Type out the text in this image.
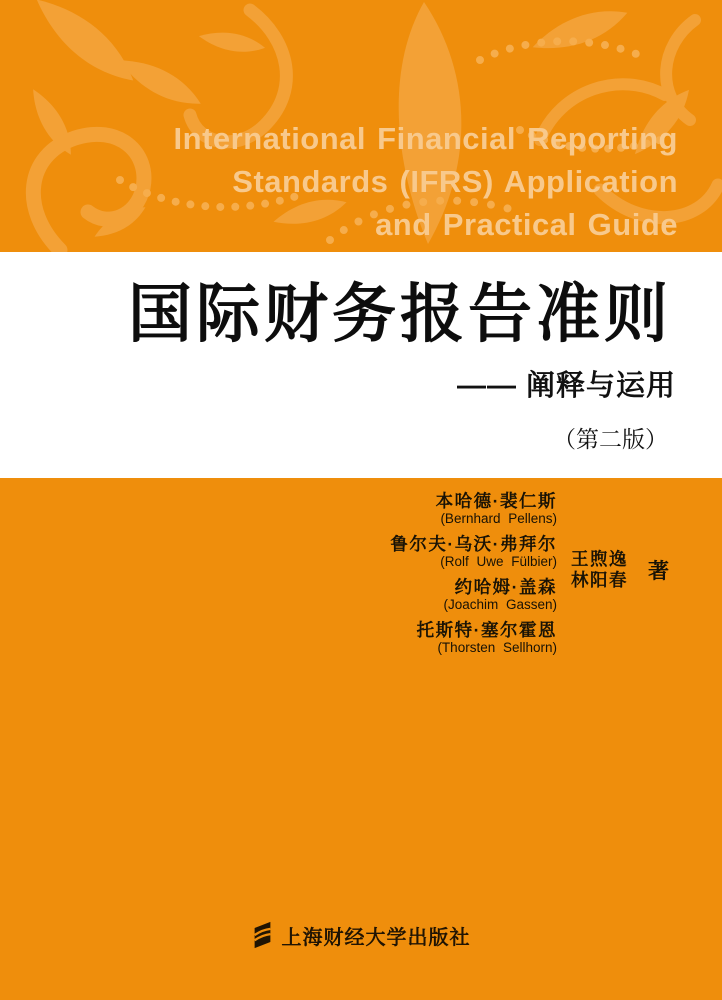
International Financial Reporting
Standards (IFRS) Application
and Practical Guide
国际财务报告准则
—— 阐释与运用
（第二版）
本哈德·裴仁斯
(Bernhard Pellens)
鲁尔夫·乌沃·弗拜尔
(Rolf Uwe Fülbier)
约哈姆·盖森
(Joachim Gassen)
托斯特·塞尔霍恩
(Thorsten Sellhorn)
王煦逸
林阳春 著
上海财经大学出版社
